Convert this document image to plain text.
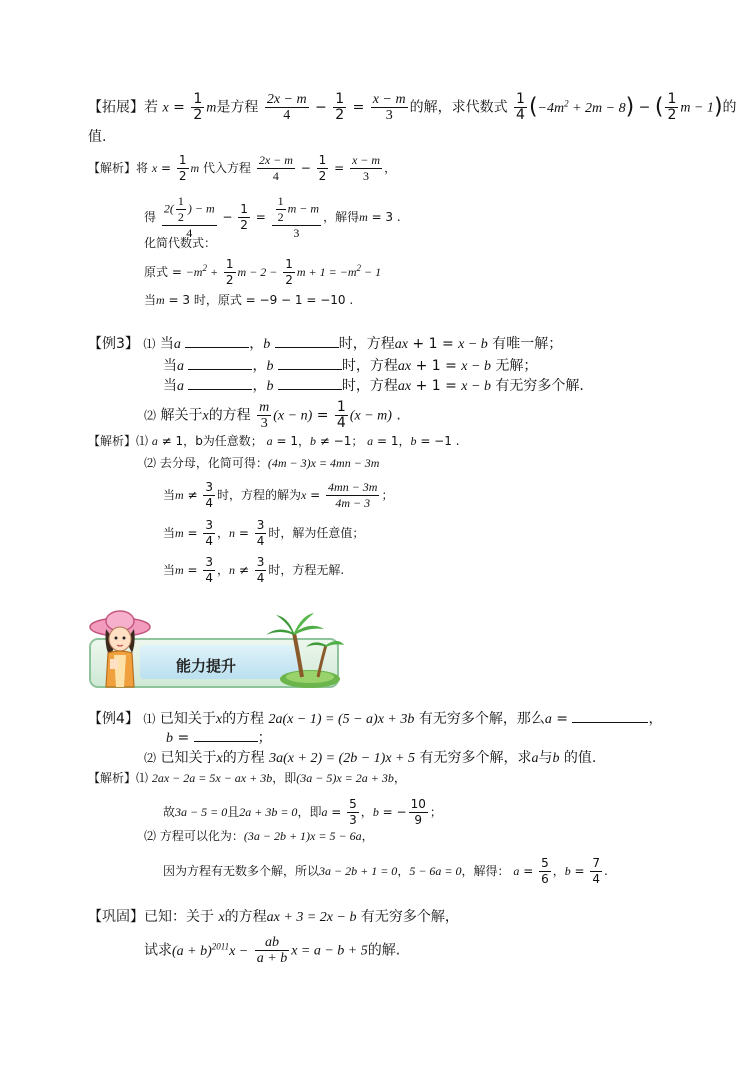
【拓展】若 $x = \frac{1}{2}$ m是方程 $\frac{2x - m}{4} - \frac{1}{2} = \frac{x - m}{3}$ 的解，求代数式 $\frac{1}{4} (-4m^2 + 2m - 8)$ − ( $\frac{1}{2}$ m − 1)的
值.
【解析】将 $x = \frac{1}{2}$ m 代入方程 $\frac{2x - m}{4} - \frac{1}{2} = \frac{x - m}{3}$ ，
得 $\frac{2( \frac{1}{2} ) - m}{4} - \frac{1}{2} = \frac{\frac{1}{2} m - m}{3}$ ，解得m = 3 .
化简代数式：
原式 = $-m^2 + \frac{1}{2}$ $m - 2 - \frac{1}{2}$ $m + 1 = -m^2 - 1$
当m = 3 时，原式 = −9 − 1 = −10 .
【例3】 ⑴ 当a	，b	时，方程ax + 1 = x − b 有唯一解；
当a	，b	时，方程ax + 1 = x − b 无解；
当a	，b	时，方程ax + 1 = x − b 有无穷多个解.
⑵ 解关于x的方程 $\frac{m}{3} (x - n) = \frac{1}{4} (x - m)$ .
【解析】⑴ a ≠ 1，b为任意数； a = 1，b ≠ −1； a = 1，b = −1 .
⑵ 去分母，化简可得：(4m − 3)x = 4mn − 3m
当$m \ne \frac{3}{4}$ 时，方程的解为$x = \frac{4mn - 3m}{4m - 3}$ ；
当$m = \frac{3}{4}$ ，$n = \frac{3}{4}$ 时，解为任意值；
当$m = \frac{3}{4}$ ，$n \ne \frac{3}{4}$ 时，方程无解.
能力提升
【例4】 ⑴ 已知关于x的方程 2a(x − 1) = (5 − a)x + 3b 有无穷多个解，那么a =	，
b =	；
⑵ 已知关于x的方程 3a(x + 2) = (2b − 1)x + 5 有无穷多个解，求a与b 的值.
【解析】⑴ 2ax − 2a = 5x − ax + 3b，即(3a − 5)x = 2a + 3b，
故3a − 5 = 0且2a + 3b = 0，即$a = \frac{5}{3}$ ，b = − $\frac{10}{9}$ ；
⑵ 方程可以化为：(3a − 2b + 1)x = 5 − 6a，
因为方程有无数多个解，所以3a − 2b + 1 = 0，5 − 6a = 0，解得： $a = \frac{5}{6}$ ，$b = \frac{7}{4}$ .
【巩固】已知：关于 x的方程ax + 3 = 2x − b 有无穷多个解，
试求$(a + b)^{2011}x - \frac{ab}{a + b}$ x = a − b + 5的解.
